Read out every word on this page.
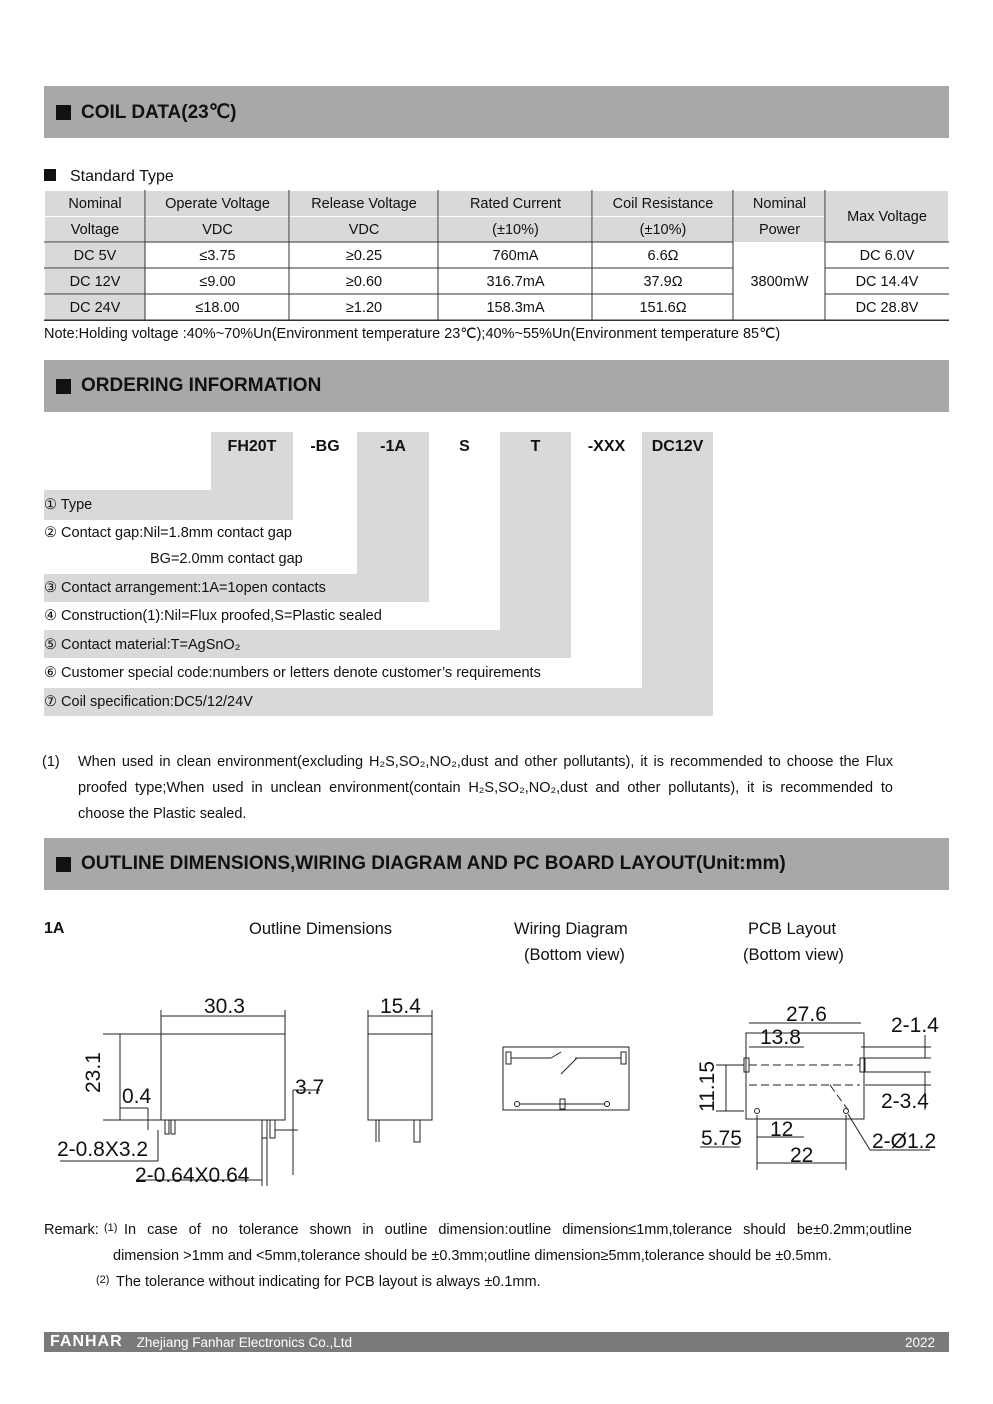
COIL DATA(23℃)
Standard Type
Nominal	Operate Voltage	Release Voltage	Rated Current	Coil Resistance	Nominal	Max Voltage
Voltage	VDC	VDC	(±10%)	(±10%)	Power	
DC 5V	≤3.75	≥0.25	760mA	6.6Ω	3800mW	DC 6.0V
DC 12V	≤9.00	≥0.60	316.7mA	37.9Ω		DC 14.4V
DC 24V	≤18.00	≥1.20	158.3mA	151.6Ω		DC 28.8V
Note:Holding voltage :40%~70%Un(Environment temperature 23℃);40%~55%Un(Environment temperature 85℃)
ORDERING INFORMATION
FH20T	-BG	-1A	S	T	-XXX	DC12V
① Type
② Contact gap:Nil=1.8mm contact gap
BG=2.0mm contact gap
③ Contact arrangement:1A=1open contacts
④ Construction(1):Nil=Flux proofed,S=Plastic sealed
⑤ Contact material:T=AgSnO₂
⑥ Customer special code:numbers or letters denote customer’s requirements
⑦ Coil specification:DC5/12/24V
(1) When used in clean environment(excluding H₂S,SO₂,NO₂,dust and other pollutants), it is recommended to choose the Flux
proofed type;When used in unclean environment(contain H₂S,SO₂,NO₂,dust and other pollutants), it is recommended to
choose the Plastic sealed.
OUTLINE DIMENSIONS,WIRING DIAGRAM AND PC BOARD LAYOUT(Unit:mm)
1A	Outline Dimensions	Wiring Diagram
(Bottom view)
PCB Layout
(Bottom view)
30.3
23.1
0.4	3.7
2-0.8X3.2
2-0.64X0.64
15.4	27.6
13.8
2-1.4
11.15	2-3.4
5.75 12
2-Ø1.2
22
Remark: (1) In case of no tolerance shown in outline dimension:outline dimension≤1mm,tolerance should be±0.2mm;outline
dimension >1mm and <5mm,tolerance should be ±0.3mm;outline dimension≥5mm,tolerance should be ±0.5mm.
(2) The tolerance without indicating for PCB layout is always ±0.1mm.
FANHAR Zhejiang Fanhar Electronics Co.,Ltd	2022
